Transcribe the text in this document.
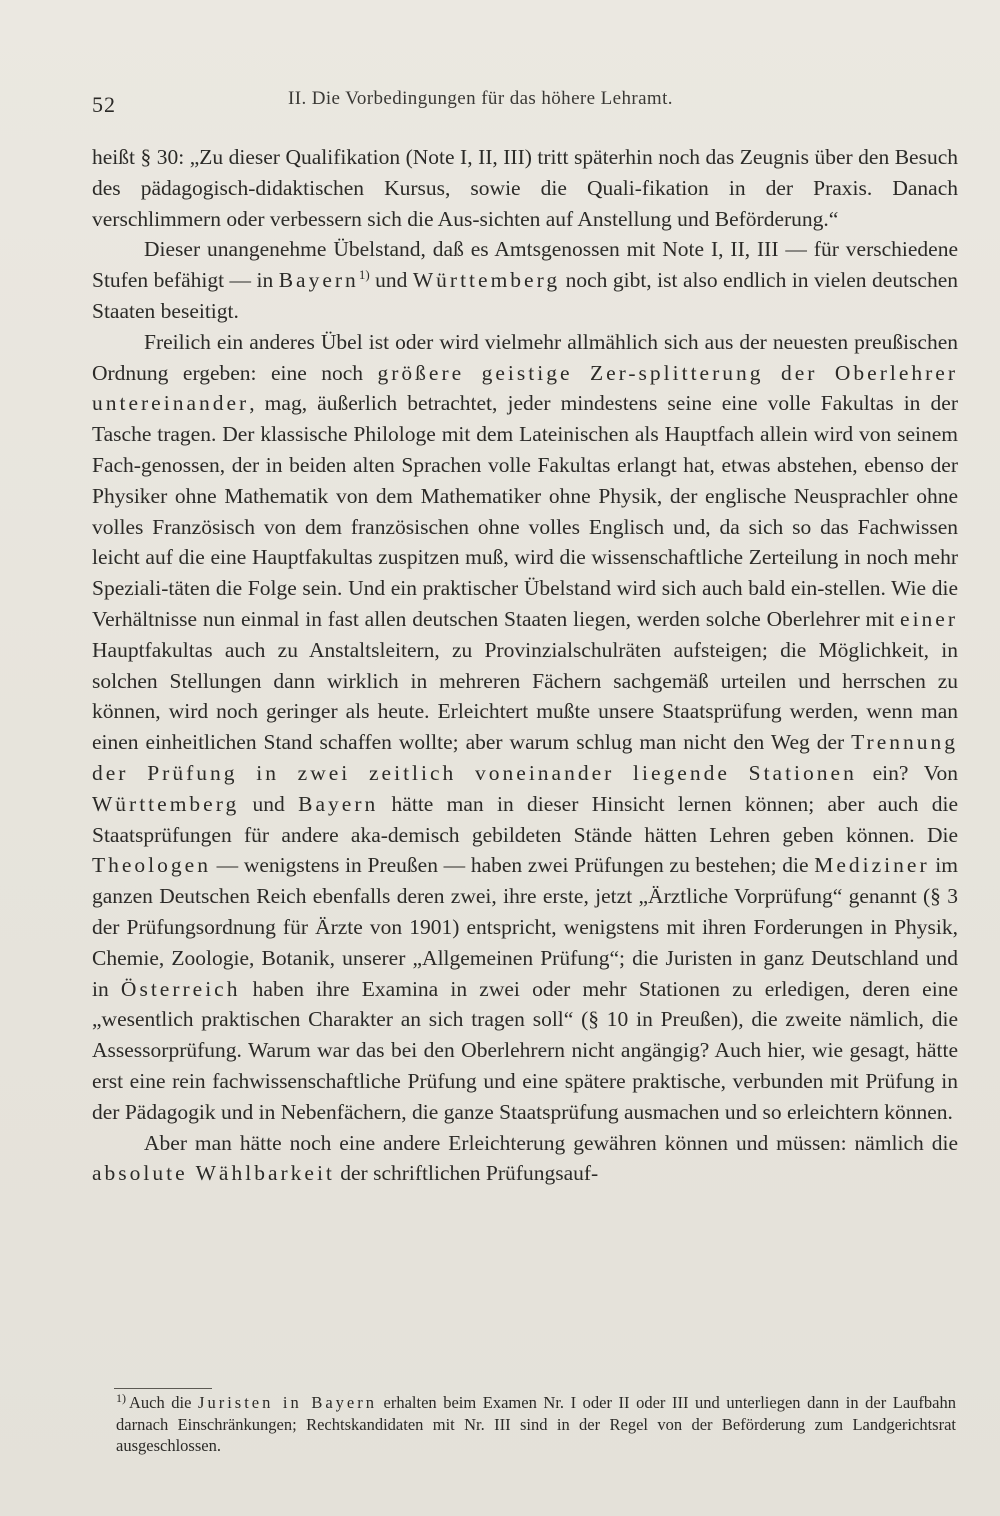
52	II. Die Vorbedingungen für das höhere Lehramt.

heißt § 30: „Zu dieser Qualifikation (Note I, II, III) tritt späterhin noch das Zeugnis über den Besuch des pädagogisch-didaktischen Kursus, sowie die Quali-fikation in der Praxis. Danach verschlimmern oder verbessern sich die Aus-sichten auf Anstellung und Beförderung.“

Dieser unangenehme Übelstand, daß es Amtsgenossen mit Note I, II, III — für verschiedene Stufen befähigt — in Bayern$^{1)}$ und Württemberg noch gibt, ist also endlich in vielen deutschen Staaten beseitigt.

Freilich ein anderes Übel ist oder wird vielmehr allmählich sich aus der neuesten preußischen Ordnung ergeben: eine noch größere geistige Zer-splitterung der Oberlehrer untereinander, mag, äußerlich betrachtet, jeder mindestens seine eine volle Fakultas in der Tasche tragen. Der klassische Philologe mit dem Lateinischen als Hauptfach allein wird von seinem Fach-genossen, der in beiden alten Sprachen volle Fakultas erlangt hat, etwas abstehen, ebenso der Physiker ohne Mathematik von dem Mathematiker ohne Physik, der englische Neusprachler ohne volles Französisch von dem französischen ohne volles Englisch und, da sich so das Fachwissen leicht auf die eine Hauptfakultas zuspitzen muß, wird die wissenschaftliche Zerteilung in noch mehr Speziali-täten die Folge sein. Und ein praktischer Übelstand wird sich auch bald ein-stellen. Wie die Verhältnisse nun einmal in fast allen deutschen Staaten liegen, werden solche Oberlehrer mit einer Hauptfakultas auch zu Anstaltsleitern, zu Provinzialschulräten aufsteigen; die Möglichkeit, in solchen Stellungen dann wirklich in mehreren Fächern sachgemäß urteilen und herrschen zu können, wird noch geringer als heute. Erleichtert mußte unsere Staatsprüfung werden, wenn man einen einheitlichen Stand schaffen wollte; aber warum schlug man nicht den Weg der Trennung der Prüfung in zwei zeitlich voneinander liegende Stationen ein? Von Württemberg und Bayern hätte man in dieser Hinsicht lernen können; aber auch die Staatsprüfungen für andere aka-demisch gebildeten Stände hätten Lehren geben können. Die Theologen — wenigstens in Preußen — haben zwei Prüfungen zu bestehen; die Mediziner im ganzen Deutschen Reich ebenfalls deren zwei, ihre erste, jetzt „Ärztliche Vorprüfung“ genannt (§ 3 der Prüfungsordnung für Ärzte von 1901) entspricht, wenigstens mit ihren Forderungen in Physik, Chemie, Zoologie, Botanik, unserer „Allgemeinen Prüfung“; die Juristen in ganz Deutschland und in Österreich haben ihre Examina in zwei oder mehr Stationen zu erledigen, deren eine „wesentlich praktischen Charakter an sich tragen soll“ (§ 10 in Preußen), die zweite nämlich, die Assessorprüfung. Warum war das bei den Oberlehrern nicht angängig? Auch hier, wie gesagt, hätte erst eine rein fachwissenschaftliche Prüfung und eine spätere praktische, verbunden mit Prüfung in der Pädagogik und in Nebenfächern, die ganze Staatsprüfung ausmachen und so erleichtern können.

Aber man hätte noch eine andere Erleichterung gewähren können und müssen: nämlich die absolute Wählbarkeit der schriftlichen Prüfungsauf-

$^{1)}$ Auch die Juristen in Bayern erhalten beim Examen Nr. I oder II oder III und unterliegen dann in der Laufbahn darnach Einschränkungen; Rechtskandidaten mit Nr. III sind in der Regel von der Beförderung zum Landgerichtsrat ausgeschlossen.
